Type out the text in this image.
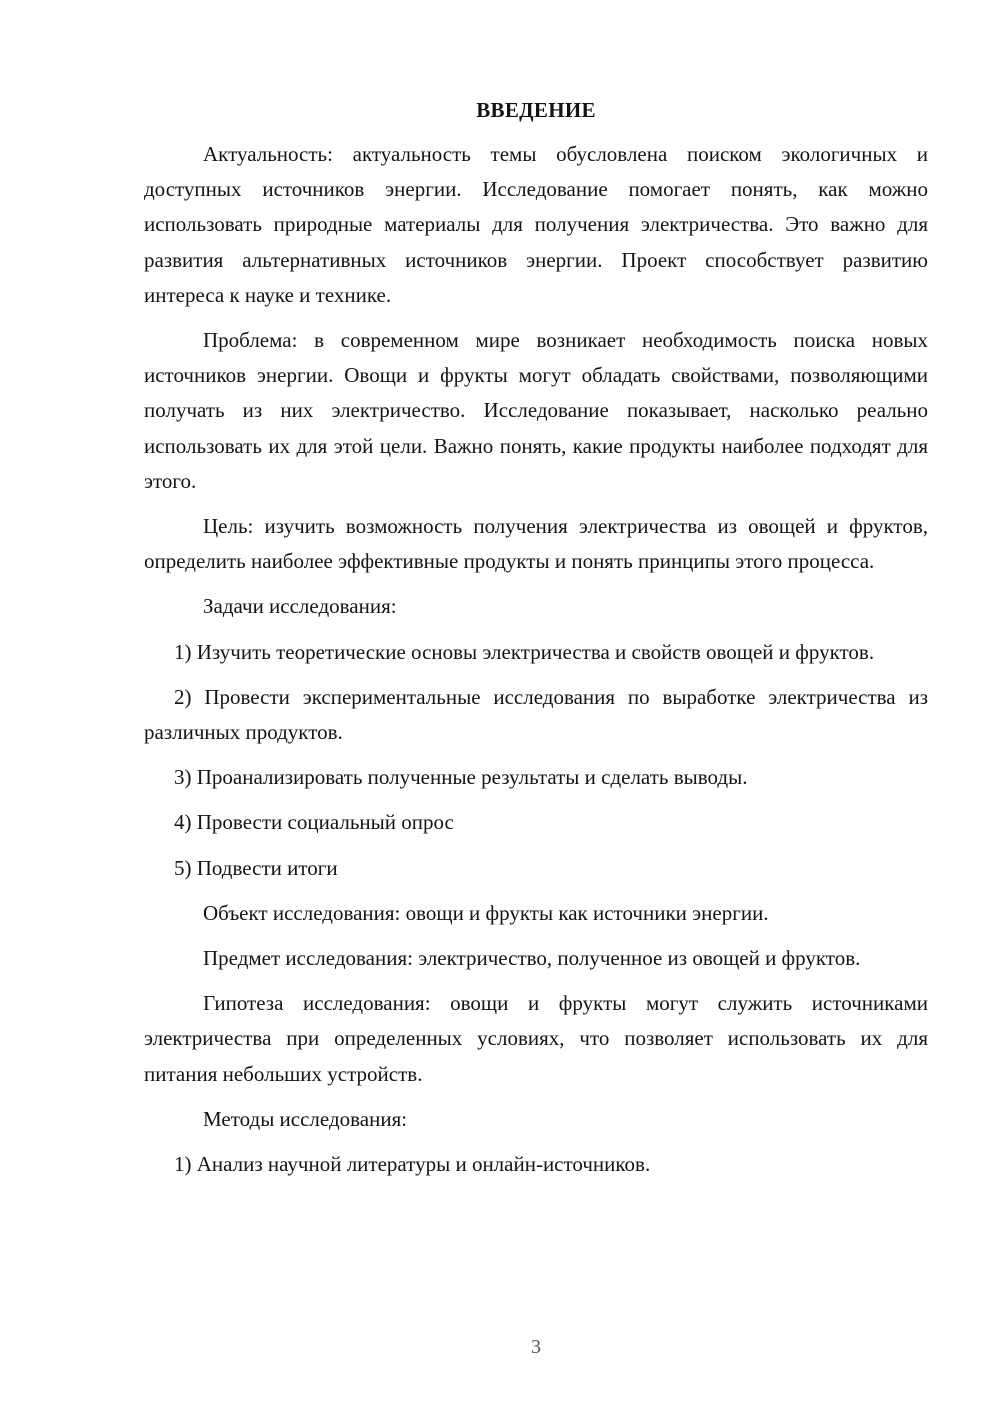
ВВЕДЕНИЕ

Актуальность: актуальность темы обусловлена поиском экологичных и доступных источников энергии. Исследование помогает понять, как можно использовать природные материалы для получения электричества. Это важно для развития альтернативных источников энергии. Проект способствует развитию интереса к науке и технике.

Проблема: в современном мире возникает необходимость поиска новых источников энергии. Овощи и фрукты могут обладать свойствами, позволяющими получать из них электричество. Исследование показывает, насколько реально использовать их для этой цели. Важно понять, какие продукты наиболее подходят для этого.

Цель: изучить возможность получения электричества из овощей и фруктов, определить наиболее эффективные продукты и понять принципы этого процесса.

Задачи исследования:

1) Изучить теоретические основы электричества и свойств овощей и фруктов.

2) Провести экспериментальные исследования по выработке электричества из различных продуктов.

3) Проанализировать полученные результаты и сделать выводы.

4) Провести социальный опрос

5) Подвести итоги

Объект исследования: овощи и фрукты как источники энергии.

Предмет исследования: электричество, полученное из овощей и фруктов.

Гипотеза исследования: овощи и фрукты могут служить источниками электричества при определенных условиях, что позволяет использовать их для питания небольших устройств.

Методы исследования:

1) Анализ научной литературы и онлайн-источников.

3
